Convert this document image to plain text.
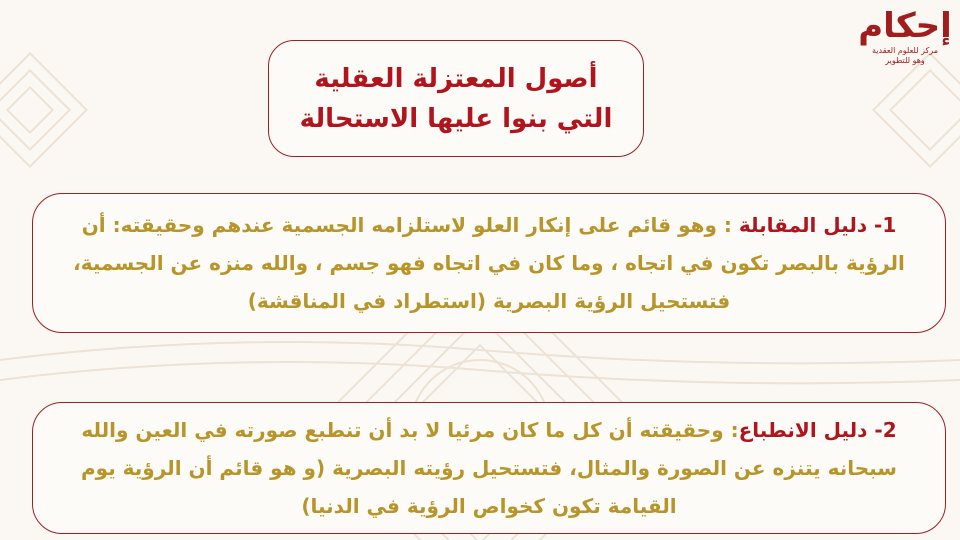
إحكام
مركز للعلوم العقدية
وهو للتطوير
أصول المعتزلة العقلية
التي بنوا عليها الاستحالة
1- دليل المقابلة : وهو قائم على إنكار العلو لاستلزامه الجسمية عندهم وحقيقته: أن الرؤية بالبصر تكون في اتجاه ، وما كان في اتجاه فهو جسم ، والله منزه عن الجسمية، فتستحيل الرؤية البصرية (استطراد في المناقشة)
2- دليل الانطباع: وحقيقته أن كل ما كان مرئيا لا بد أن تنطبع صورته في العين والله سبحانه يتنزه عن الصورة والمثال، فتستحيل رؤيته البصرية (و هو قائم أن الرؤية يوم القيامة تكون كخواص الرؤية في الدنيا)
